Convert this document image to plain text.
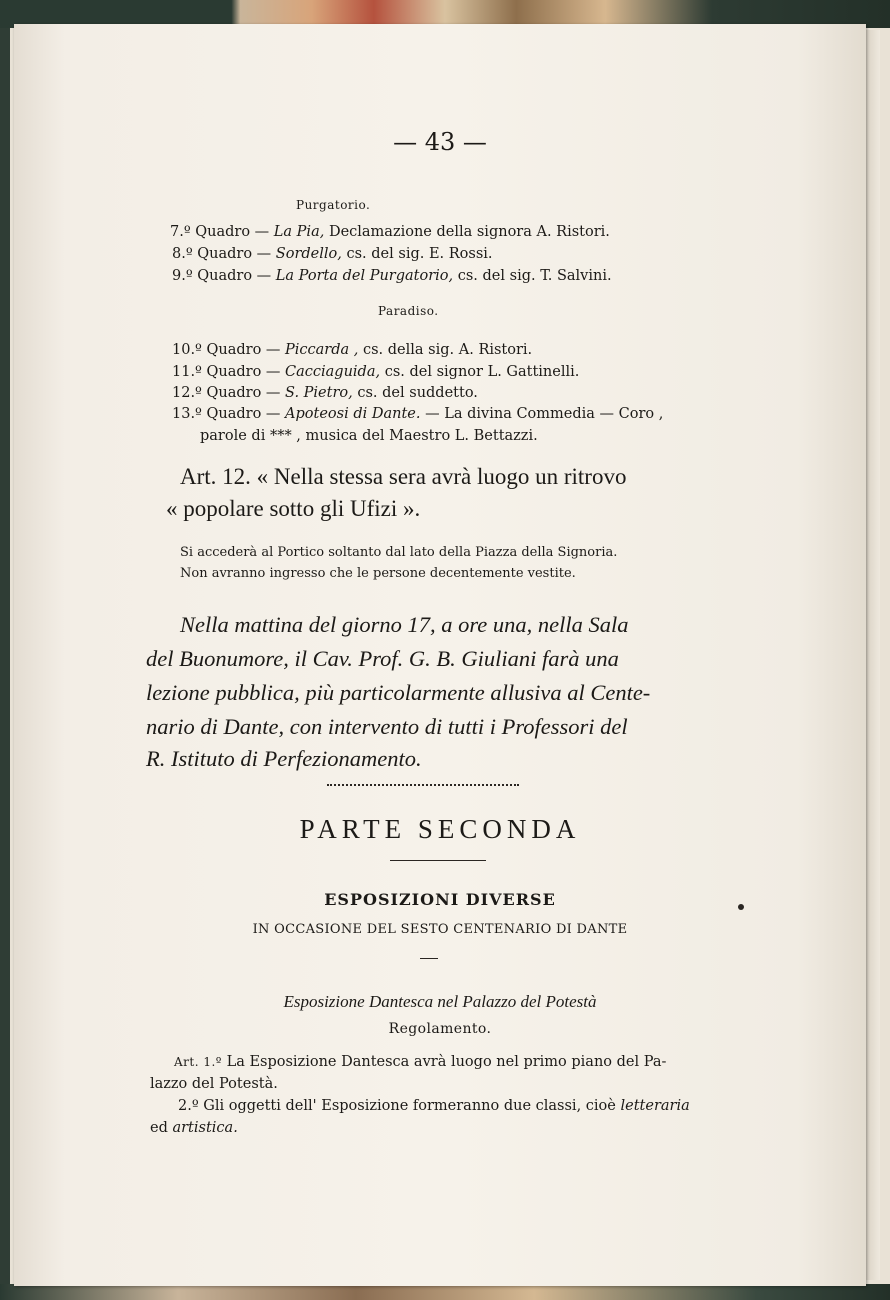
— 43 —
Purgatorio.
7.º Quadro — La Pia, Declamazione della signora A. Ristori.
8.º Quadro — Sordello, cs. del sig. E. Rossi.
9.º Quadro — La Porta del Purgatorio, cs. del sig. T. Salvini.
Paradiso.
10.º Quadro — Piccarda , cs. della sig. A. Ristori.
11.º Quadro — Cacciaguida, cs. del signor L. Gattinelli.
12.º Quadro — S. Pietro, cs. del suddetto.
13.º Quadro — Apoteosi di Dante. — La divina Commedia — Coro ,
parole di *** , musica del Maestro L. Bettazzi.
Art. 12. « Nella stessa sera avrà luogo un ritrovo
« popolare sotto gli Ufizi ».
Si accederà al Portico soltanto dal lato della Piazza della Signoria.
Non avranno ingresso che le persone decentemente vestite.
Nella mattina del giorno 17, a ore una, nella Sala
del Buonumore, il Cav. Prof. G. B. Giuliani farà una
lezione pubblica, più particolarmente allusiva al Cente-
nario di Dante, con intervento di tutti i Professori del
R. Istituto di Perfezionamento.
PARTE SECONDA
ESPOSIZIONI DIVERSE
IN OCCASIONE DEL SESTO CENTENARIO DI DANTE
Esposizione Dantesca nel Palazzo del Potestà
Regolamento.
Art. 1.º La Esposizione Dantesca avrà luogo nel primo piano del Pa-
lazzo del Potestà.
2.º Gli oggetti dell' Esposizione formeranno due classi, cioè letteraria
ed artistica.
